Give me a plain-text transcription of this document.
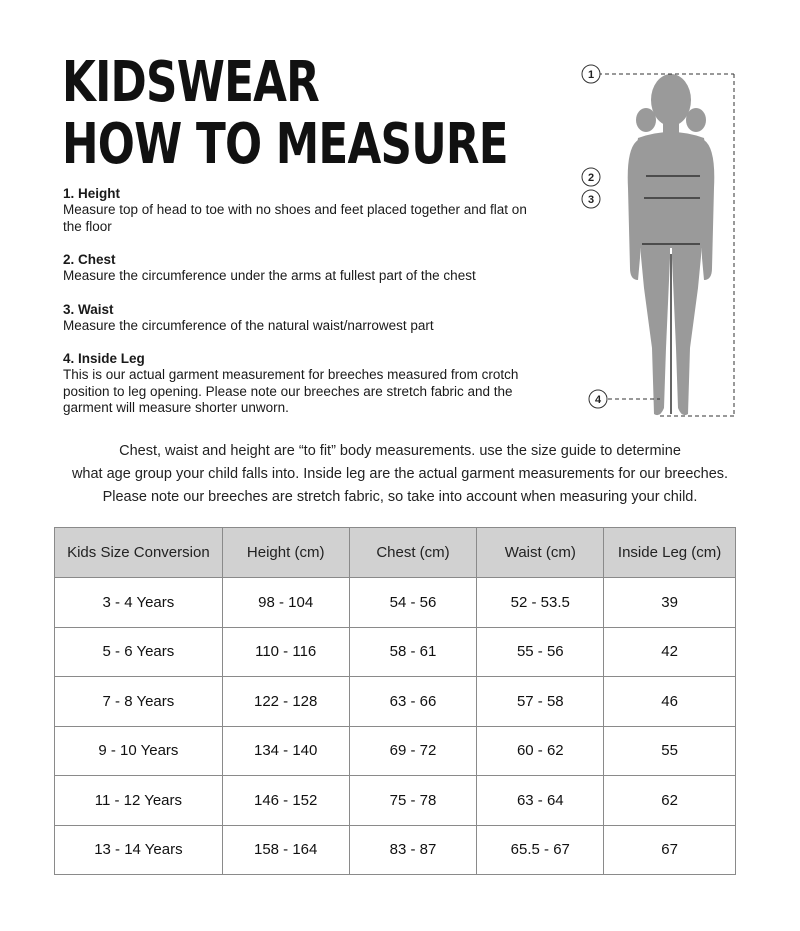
KIDSWEAR
HOW TO MEASURE
1. Height
Measure top of head to toe with no shoes and feet placed together and flat on the floor
2. Chest
Measure the circumference under the arms at fullest part of the chest
3. Waist
Measure the circumference of the natural waist/narrowest part
4. Inside Leg
This is our actual garment measurement for breeches measured from crotch position to leg opening. Please note our breeches are stretch fabric and the garment will measure shorter unworn.
1
2
3
4
Chest, waist and height are “to fit” body measurements. use the size guide to determine
what age group your child falls into. Inside leg are the actual garment measurements for our breeches.
Please note our breeches are stretch fabric, so take into account when measuring your child.
Kids Size Conversion	Height (cm)	Chest (cm)	Waist (cm)	Inside Leg (cm)
3 - 4 Years	98 - 104	54 - 56	52 - 53.5	39
5 - 6 Years	110 - 116	58 - 61	55 - 56	42
7 - 8 Years	122 - 128	63 - 66	57 - 58	46
9 - 10 Years	134 - 140	69 - 72	60 - 62	55
11 - 12 Years	146 - 152	75 - 78	63 - 64	62
13 - 14 Years	158 - 164	83 - 87	65.5 - 67	67
